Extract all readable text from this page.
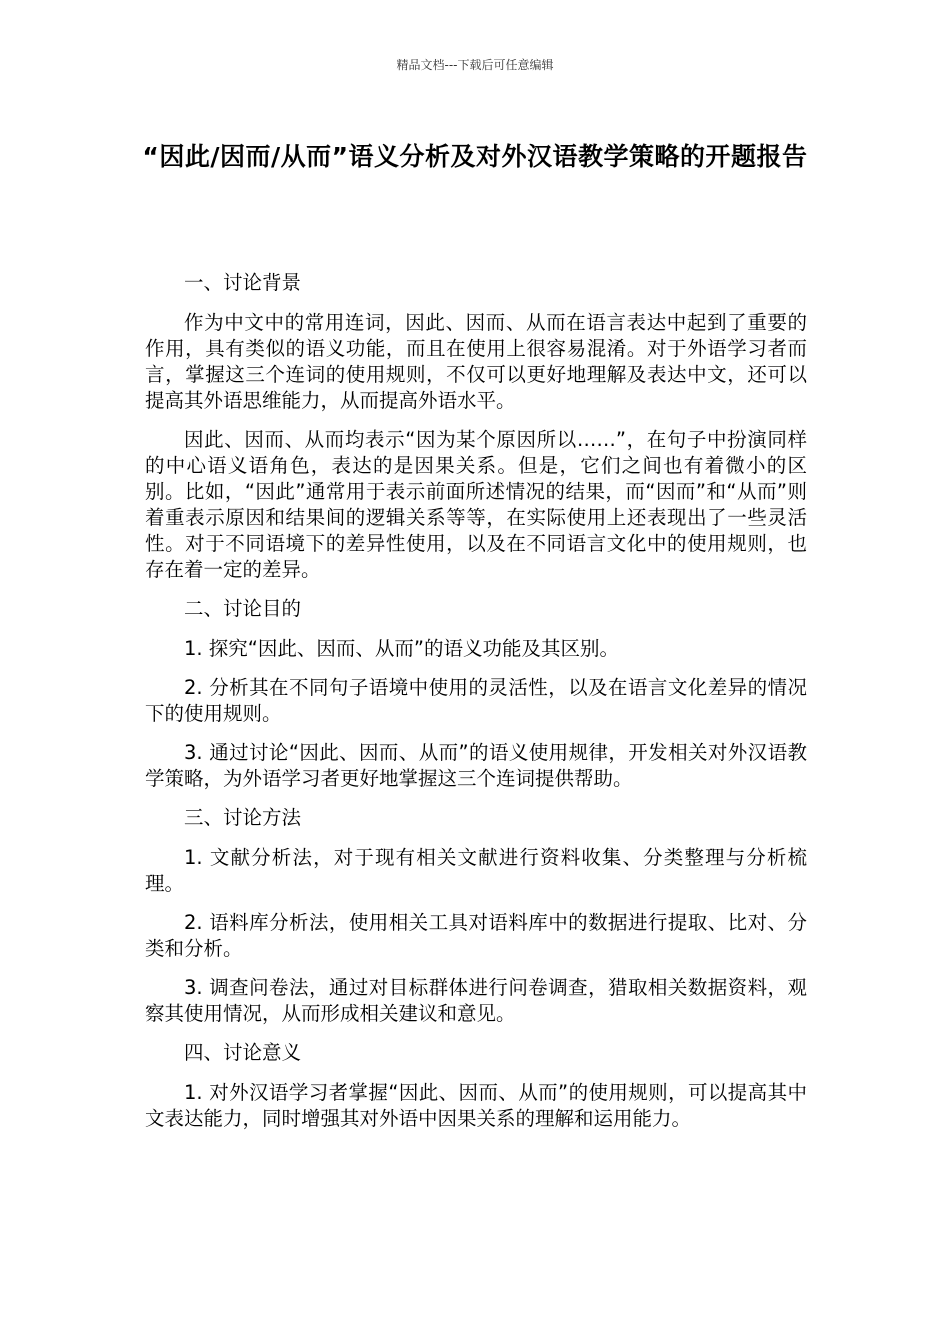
精品文档---下载后可任意编辑
“因此/因而/从而”语义分析及对外汉语教学策略的开题报告

一、讨论背景

作为中文中的常用连词，因此、因而、从而在语言表达中起到了重要的作用，具有类似的语义功能，而且在使用上很容易混淆。对于外语学习者而言，掌握这三个连词的使用规则，不仅可以更好地理解及表达中文，还可以提高其外语思维能力，从而提高外语水平。

因此、因而、从而均表示“因为某个原因所以……”，在句子中扮演同样的中心语义语角色，表达的是因果关系。但是，它们之间也有着微小的区别。比如，“因此”通常用于表示前面所述情况的结果，而“因而”和“从而”则着重表示原因和结果间的逻辑关系等等，在实际使用上还表现出了一些灵活性。对于不同语境下的差异性使用，以及在不同语言文化中的使用规则，也存在着一定的差异。

二、讨论目的

1. 探究“因此、因而、从而”的语义功能及其区别。

2. 分析其在不同句子语境中使用的灵活性，以及在语言文化差异的情况下的使用规则。

3. 通过讨论“因此、因而、从而”的语义使用规律，开发相关对外汉语教学策略，为外语学习者更好地掌握这三个连词提供帮助。

三、讨论方法

1. 文献分析法，对于现有相关文献进行资料收集、分类整理与分析梳理。

2. 语料库分析法，使用相关工具对语料库中的数据进行提取、比对、分类和分析。

3. 调查问卷法，通过对目标群体进行问卷调查，猎取相关数据资料，观察其使用情况，从而形成相关建议和意见。

四、讨论意义

1. 对外汉语学习者掌握“因此、因而、从而”的使用规则，可以提高其中文表达能力，同时增强其对外语中因果关系的理解和运用能力。
